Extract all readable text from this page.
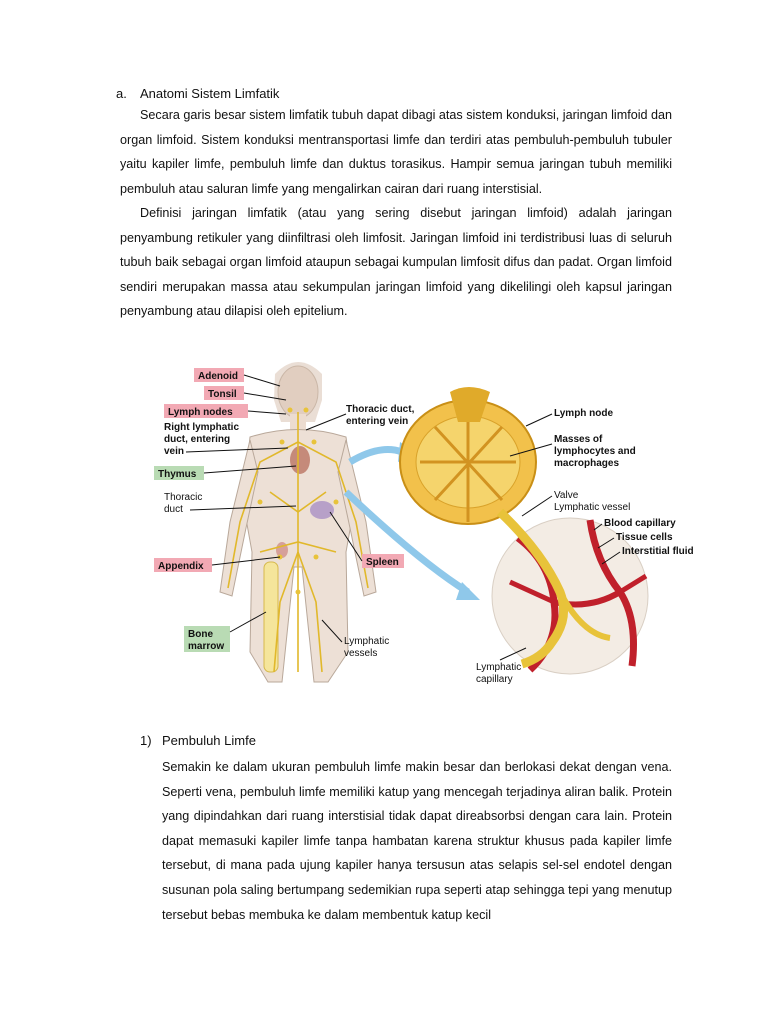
a. Anatomi Sistem Limfatik

Secara garis besar sistem limfatik tubuh dapat dibagi atas sistem konduksi, jaringan limfoid dan organ limfoid. Sistem konduksi mentransportasi limfe dan terdiri atas pembuluh-pembuluh tubuler yaitu kapiler limfe, pembuluh limfe dan duktus torasikus. Hampir semua jaringan tubuh memiliki pembuluh atau saluran limfe yang mengalirkan cairan dari ruang interstisial.

Definisi jaringan limfatik (atau yang sering disebut jaringan limfoid) adalah jaringan penyambung retikuler yang diinfiltrasi oleh limfosit. Jaringan limfoid ini terdistribusi luas di seluruh tubuh baik sebagai organ limfoid ataupun sebagai kumpulan limfosit difus dan padat. Organ limfoid sendiri merupakan massa atau sekumpulan jaringan limfoid yang dikelilingi oleh kapsul jaringan penyambung atau dilapisi oleh epitelium.

Adenoid
Tonsil
Lymph nodes
Right lymphatic
duct, entering
vein
Thymus
Thoracic
duct
Appendix
Bone
marrow
Thoracic duct,
entering vein
Spleen
Lymphatic
vessels
Lymph node
Masses of
lymphocytes and
macrophages
Valve
Lymphatic vessel
Blood capillary
Tissue cells
Interstitial fluid
Lymphatic
capillary
1) Pembuluh Limfe

Semakin ke dalam ukuran pembuluh limfe makin besar dan berlokasi dekat dengan vena. Seperti vena, pembuluh limfe memiliki katup yang mencegah terjadinya aliran balik. Protein yang dipindahkan dari ruang interstisial tidak dapat direabsorbsi dengan cara lain. Protein dapat memasuki kapiler limfe tanpa hambatan karena struktur khusus pada kapiler limfe tersebut, di mana pada ujung kapiler hanya tersusun atas selapis sel-sel endotel dengan susunan pola saling bertumpang sedemikian rupa seperti atap sehingga tepi yang menutup tersebut bebas membuka ke dalam membentuk katup kecil
